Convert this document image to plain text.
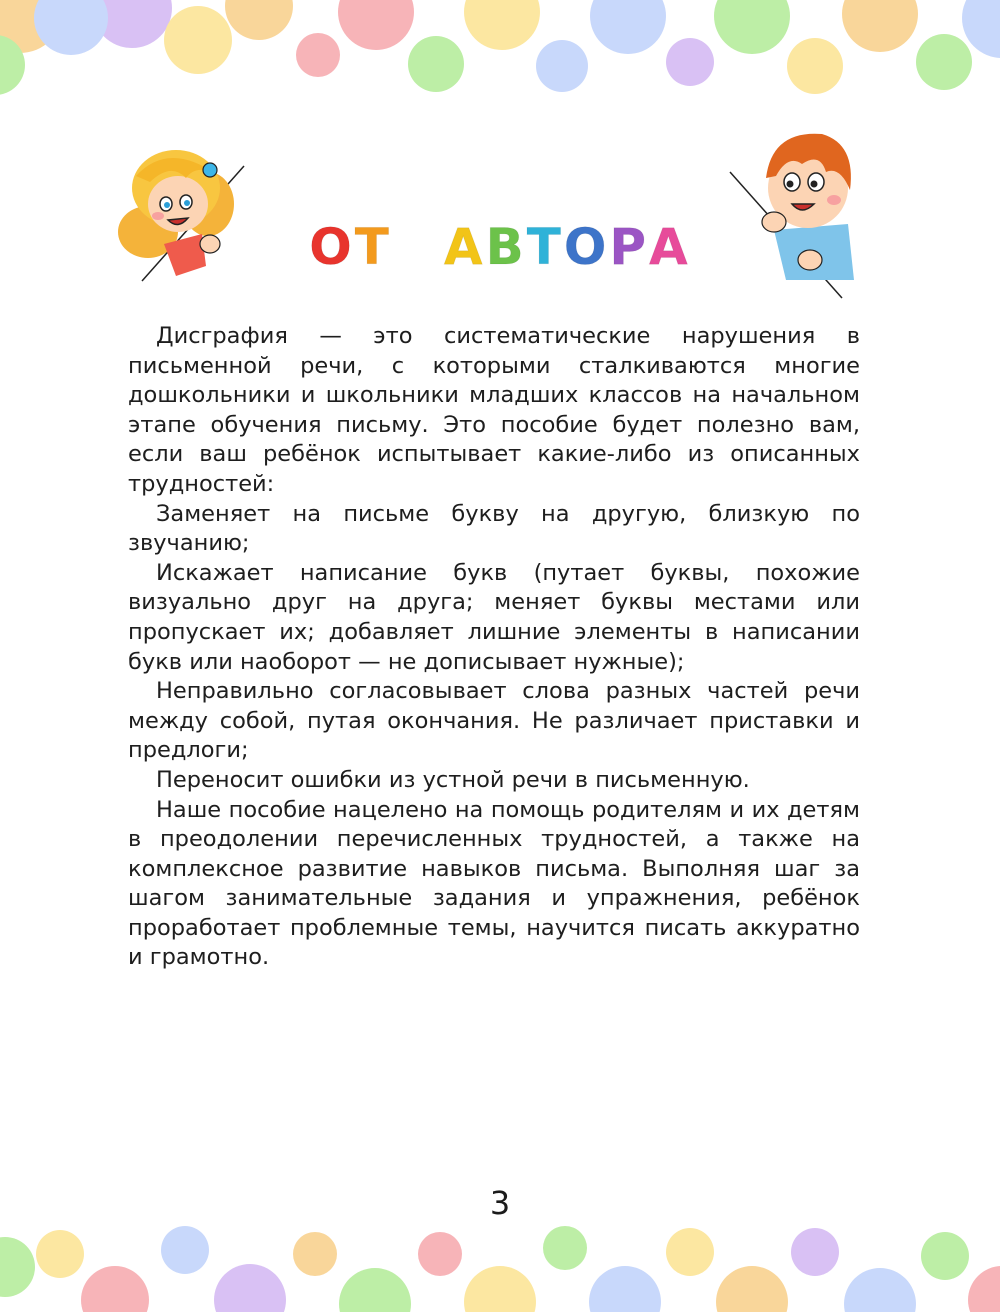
ОТ АВТОРА

Дисграфия — это систематические нарушения в письменной речи, с которыми сталкиваются многие дошкольники и школьники младших классов на начальном этапе обучения письму. Это пособие будет полезно вам, если ваш ребёнок испытывает какие-либо из описанных трудностей:

Заменяет на письме букву на другую, близкую по звучанию;

Искажает написание букв (путает буквы, похожие визуально друг на друга; меняет буквы местами или пропускает их; добавляет лишние элементы в написании букв или наоборот — не дописывает нужные);

Неправильно согласовывает слова разных частей речи между собой, путая окончания. Не различает приставки и предлоги;

Переносит ошибки из устной речи в письменную.

Наше пособие нацелено на помощь родителям и их детям в преодолении перечисленных трудностей, а также на комплексное развитие навыков письма. Выполняя шаг за шагом занимательные задания и упражнения, ребёнок проработает проблемные темы, научится писать аккуратно и грамотно.

3
